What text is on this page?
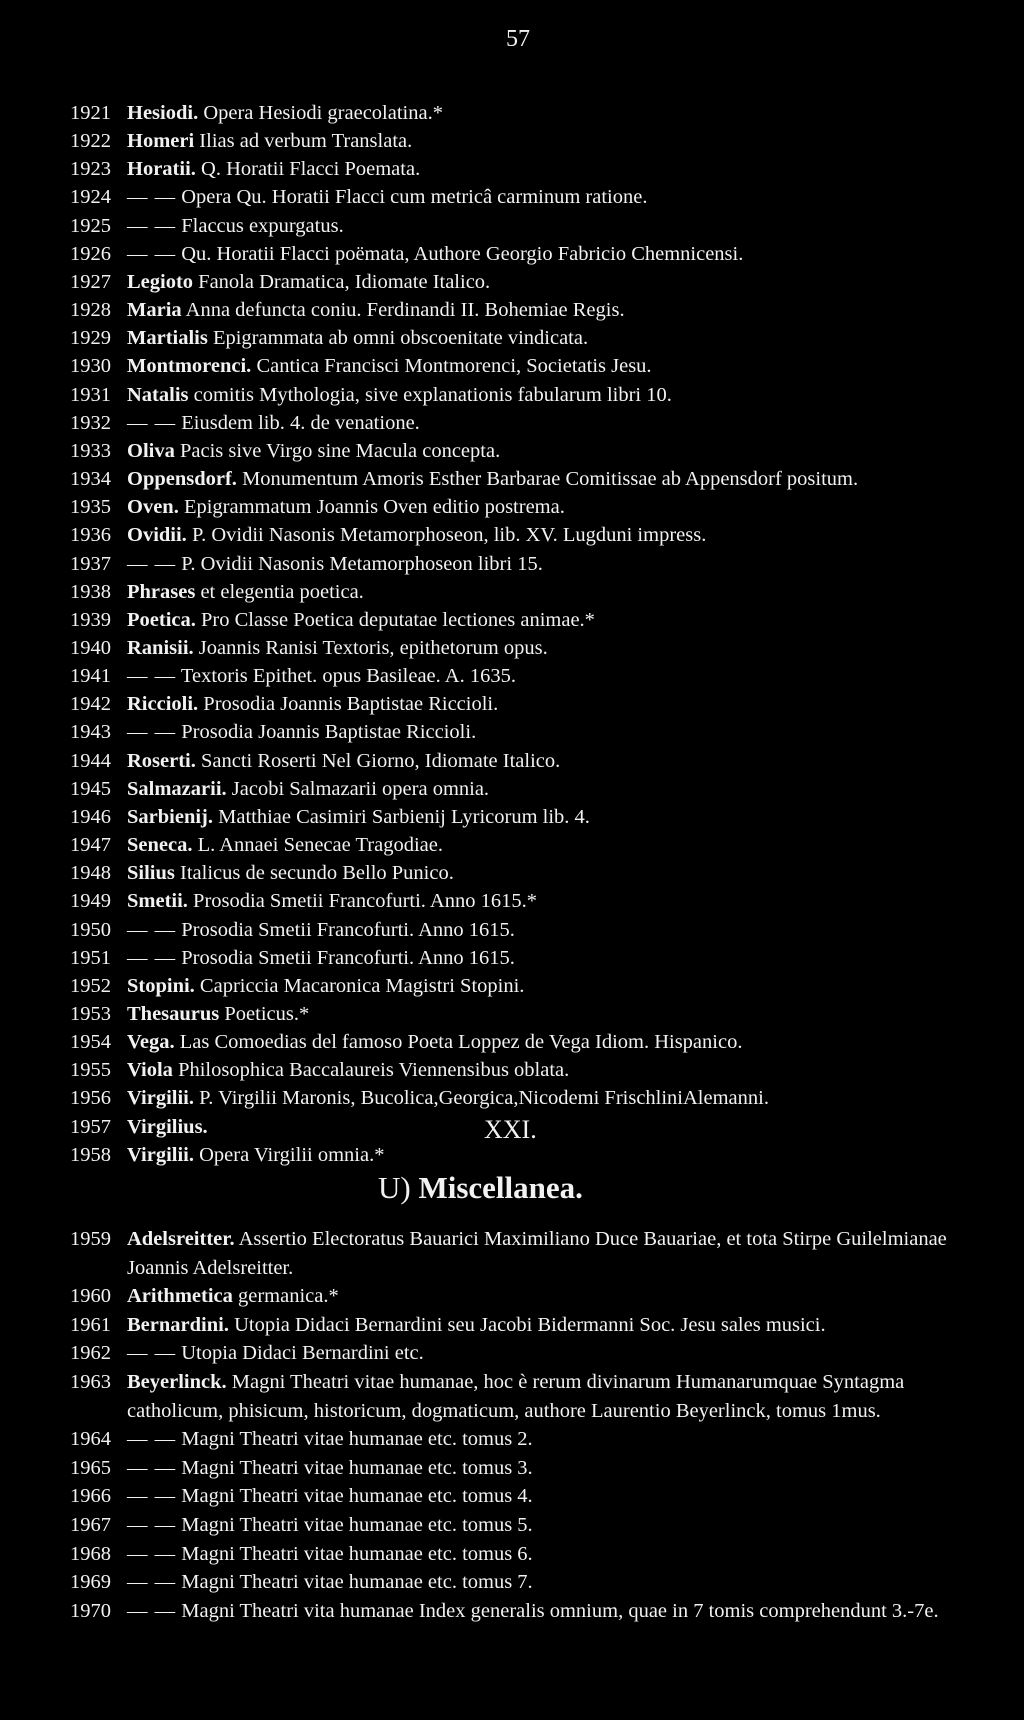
57
1921 Hesiodi. Opera Hesiodi graecolatina.*
1922 Homeri Ilias ad verbum Translata.
1923 Horatii. Q. Horatii Flacci Poemata.
1924 — — Opera Qu. Horatii Flacci cum metricâ carminum ratione.
1925 — — Flaccus expurgatus.
1926 — — Qu. Horatii Flacci poëmata, Authore Georgio Fabricio Chemnicensi.
1927 Legioto Fanola Dramatica, Idiomate Italico.
1928 Maria Anna defuncta coniu. Ferdinandi II. Bohemiae Regis.
1929 Martialis Epigrammata ab omni obscoenitate vindicata.
1930 Montmorenci. Cantica Francisci Montmorenci, Societatis Jesu.
1931 Natalis comitis Mythologia, sive explanationis fabularum libri 10.
1932 — — Eiusdem lib. 4. de venatione.
1933 Oliva Pacis sive Virgo sine Macula concepta.
1934 Oppensdorf. Monumentum Amoris Esther Barbarae Comitissae ab Appensdorf positum.
1935 Oven. Epigrammatum Joannis Oven editio postrema.
1936 Ovidii. P. Ovidii Nasonis Metamorphoseon, lib. XV. Lugduni impress.
1937 — — P. Ovidii Nasonis Metamorphoseon libri 15.
1938 Phrases et elegentia poetica.
1939 Poetica. Pro Classe Poetica deputatae lectiones animae.*
1940 Ranisii. Joannis Ranisi Textoris, epithetorum opus.
1941 — — Textoris Epithet. opus Basileae. A. 1635.
1942 Riccioli. Prosodia Joannis Baptistae Riccioli.
1943 — — Prosodia Joannis Baptistae Riccioli.
1944 Roserti. Sancti Roserti Nel Giorno, Idiomate Italico.
1945 Salmazarii. Jacobi Salmazarii opera omnia.
1946 Sarbienij. Matthiae Casimiri Sarbienij Lyricorum lib. 4.
1947 Seneca. L. Annaei Senecae Tragodiae.
1948 Silius Italicus de secundo Bello Punico.
1949 Smetii. Prosodia Smetii Francofurti. Anno 1615.*
1950 — — Prosodia Smetii Francofurti. Anno 1615.
1951 — — Prosodia Smetii Francofurti. Anno 1615.
1952 Stopini. Capriccia Macaronica Magistri Stopini.
1953 Thesaurus Poeticus.*
1954 Vega. Las Comoedias del famoso Poeta Loppez de Vega Idiom. Hispanico.
1955 Viola Philosophica Baccalaureis Viennensibus oblata.
1956 Virgilii. P. Virgilii Maronis, Bucolica,Georgica,Nicodemi FrischliniAlemanni.
1957 Virgilius.
1958 Virgilii. Opera Virgilii omnia.*
XXI.
U) Miscellanea.
1959 Adelsreitter. Assertio Electoratus Bauarici Maximiliano Duce Bauariae, et tota Stirpe Guilelmianae Joannis Adelsreitter.
1960 Arithmetica germanica.*
1961 Bernardini. Utopia Didaci Bernardini seu Jacobi Bidermanni Soc. Jesu sales musici.
1962 — — Utopia Didaci Bernardini etc.
1963 Beyerlinck. Magni Theatri vitae humanae, hoc è rerum divinarum Humanarumquae Syntagma catholicum, phisicum, historicum, dogmaticum, authore Laurentio Beyerlinck, tomus 1mus.
1964 — — Magni Theatri vitae humanae etc. tomus 2.
1965 — — Magni Theatri vitae humanae etc. tomus 3.
1966 — — Magni Theatri vitae humanae etc. tomus 4.
1967 — — Magni Theatri vitae humanae etc. tomus 5.
1968 — — Magni Theatri vitae humanae etc. tomus 6.
1969 — — Magni Theatri vitae humanae etc. tomus 7.
1970 — — Magni Theatri vita humanae Index generalis omnium, quae in 7 tomis comprehendunt 3.-7e.
